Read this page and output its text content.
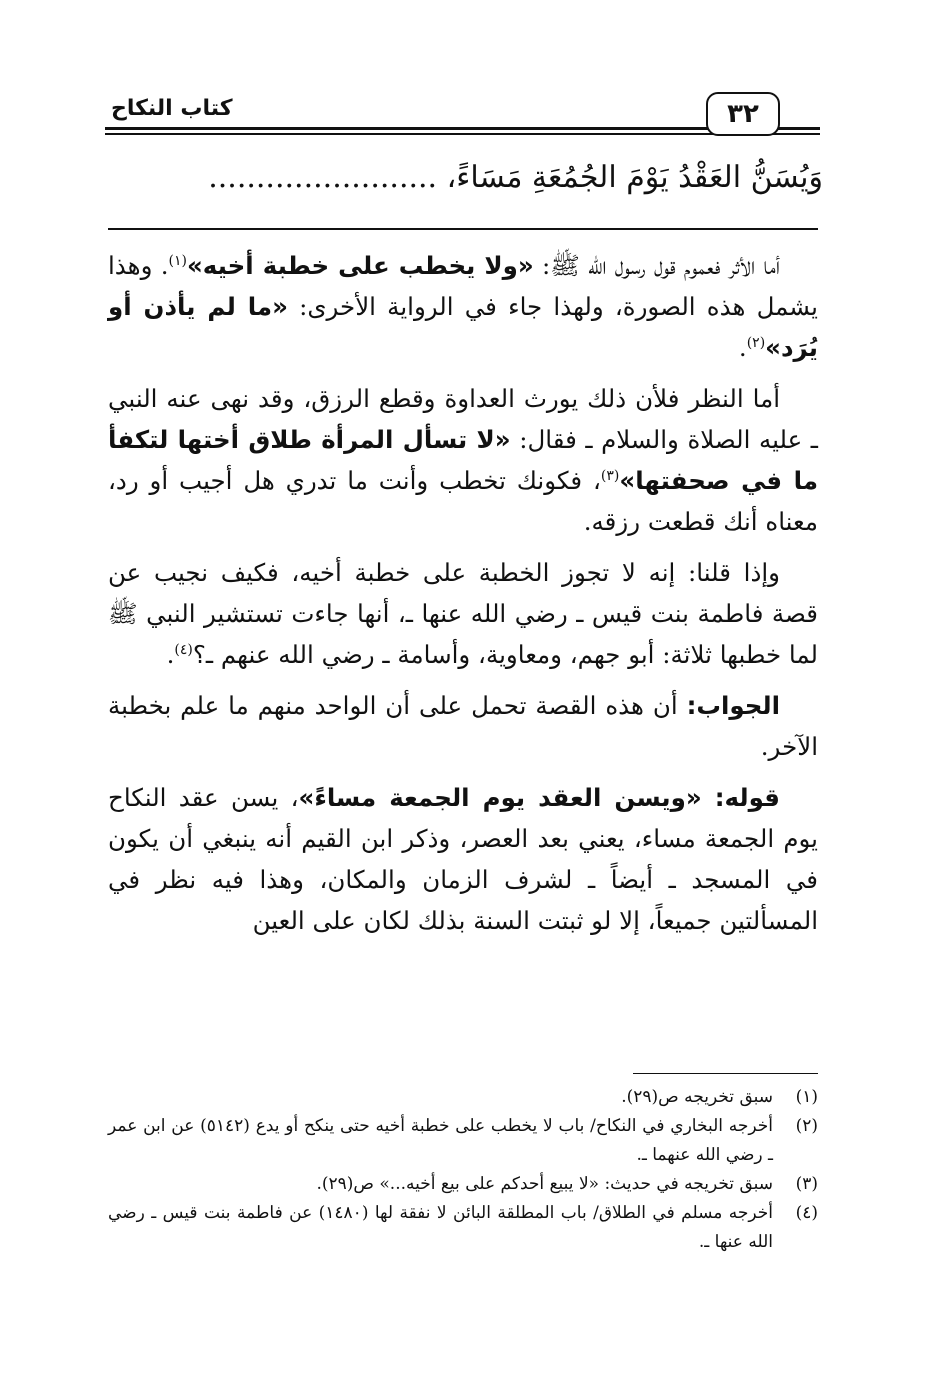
٣٢
كتاب النكاح
وَيُسَنُّ العَقْدُ يَوْمَ الجُمُعَةِ مَسَاءً، ........................

أما الأثر فعموم قول رسول الله ﷺ: «ولا يخطب على خطبة أخيه»$^{(١)}$. وهذا يشمل هذه الصورة، ولهذا جاء في الرواية الأخرى: «ما لم يأذن أو يُرَد»$^{(٢)}$.

أما النظر فلأن ذلك يورث العداوة وقطع الرزق، وقد نهى عنه النبي ـ عليه الصلاة والسلام ـ فقال: «لا تسأل المرأة طلاق أختها لتكفأ ما في صحفتها»$^{(٣)}$، فكونك تخطب وأنت ما تدري هل أجيب أو رد، معناه أنك قطعت رزقه.

وإذا قلنا: إنه لا تجوز الخطبة على خطبة أخيه، فكيف نجيب عن قصة فاطمة بنت قيس ـ رضي الله عنها ـ، أنها جاءت تستشير النبي ﷺ لما خطبها ثلاثة: أبو جهم، ومعاوية، وأسامة ـ رضي الله عنهم ـ؟$^{(٤)}$.

الجواب: أن هذه القصة تحمل على أن الواحد منهم ما علم بخطبة الآخر.

قوله: «ويسن العقد يوم الجمعة مساءً»، يسن عقد النكاح يوم الجمعة مساء، يعني بعد العصر، وذكر ابن القيم أنه ينبغي أن يكون في المسجد ـ أيضاً ـ لشرف الزمان والمكان، وهذا فيه نظر في المسألتين جميعاً، إلا لو ثبتت السنة بذلك لكان على العين

(١)
سبق تخريجه ص(٢٩).
(٢)
أخرجه البخاري في النكاح/ باب لا يخطب على خطبة أخيه حتى ينكح أو يدع (٥١٤٢) عن ابن عمر ـ رضي الله عنهما ـ.
(٣)
سبق تخريجه في حديث: «لا يبيع أحدكم على بيع أخيه...» ص(٢٩).
(٤)
أخرجه مسلم في الطلاق/ باب المطلقة البائن لا نفقة لها (١٤٨٠) عن فاطمة بنت قيس ـ رضي الله عنها ـ.
